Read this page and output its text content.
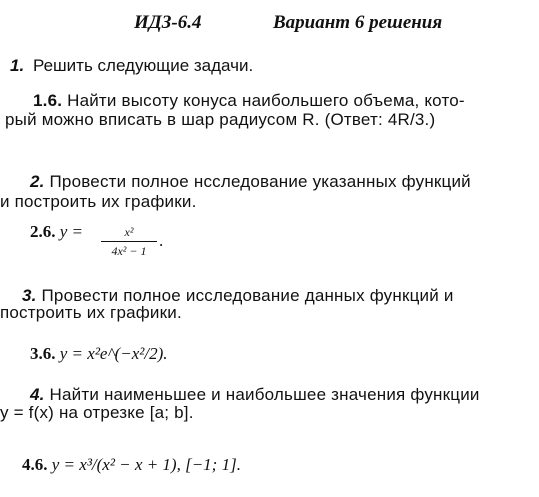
ИДЗ-6.4	Вариант 6 решения
1. Решить следующие задачи.
1.6. Найти высоту конуса наибольшего объема, кото-
рый можно вписать в шар радиусом R. (Ответ: 4R/3.)
2. Провести полное нсследование указанных функций
и построить их графики.
2.6. y =	x²
4x² − 1
.
3. Провести полное исследование данных функций и
построить их графики.
3.6. y = x²e^(−x²/2).
4. Найти наименьшее и наибольшее значения функции
y = f(x) на отрезке [a; b].
4.6. y = x³/(x² − x + 1), [−1; 1].
